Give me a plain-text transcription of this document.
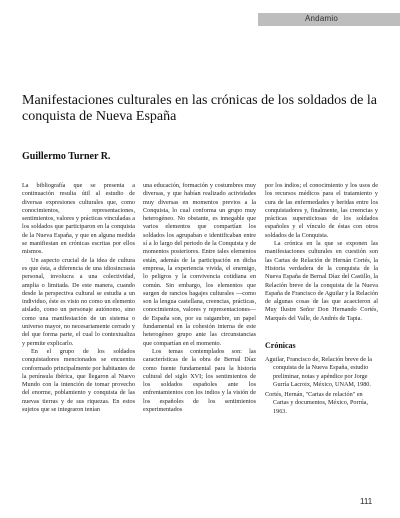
Andamio
Manifestaciones culturales en las crónicas de los soldados de la conquista de Nueva España

Guillermo Turner R.

La bibliografía que se presenta a continuación resulta útil al estudio de diversas expresiones culturales que, como conocimientos, representaciones, sentimientos, valores y prácticas vinculadas a los soldados que participaron en la conquista de la Nueva España, y que en alguna medida se manifiestan en crónicas escritas por ellos mismos.

Un aspecto crucial de la idea de cultura es que ésta, a diferencia de una idiosincrasia personal, involucra a una colectividad, amplia o limitada. De este manera, cuando desde la perspectiva cultural se estudia a un individuo, éste es visto no como un elemento aislado, como un personaje autónomo, sino como una manifestación de un sistema o universo mayor, no necesariamente cerrado y del que forma parte, el cual lo contextualiza y permite explicarlo.

En el grupo de los soldados conquistadores mencionados se encuentra conformado principalmente por habitantes de la península ibérica, que llegaron al Nuevo Mundo con la intención de tomar provecho del enorme, poblamiento y conquista de las nuevas tierras y de sus riquezas. En estos sujetos que se integraron tenían

una educación, formación y costumbres muy diversas, y que habían realizado actividades muy diversas en momentos previos a la Conquista, lo cual conforma un grupo muy heterogéneo. No obstante, es innegable que varios elementos que compartían los soldados los agrupaban e identificaban entre sí a lo largo del periodo de la Conquista y de momentos posteriores. Entre tales elementos están, además de la participación en dicha empresa, la experiencia vivida, el enemigo, lo peligros y la convivencia cotidiana en común. Sin embargo, los elementos que surgen de rancios bagajes culturales —como son la lengua castellana, creencias, prácticas, conocimientos, valores y representaciones— de España son, por su raigambre, un papel fundamental en la cohesión interna de este heterogéneo grupo ante las circunstancias que compartían en el momento.

Los temas contemplados son: las características de la obra de Bernal Díaz como fuente fundamental para la historia cultural del siglo XVI; los sentimientos de los soldados españoles ante los enfrentamientos con los indios y la visión de los españoles de los sentimientos experimentados

por los indios; el conocimiento y los usos de los recursos médicos para el tratamiento y cura de las enfermedades y heridas entre los conquistadores y, finalmente, las creencias y prácticas supersticiosas de los soldados españoles y el vínculo de éstas con otros soldados de la Conquista.

La crónica en la que se exponen las manifestaciones culturales en cuestión son las Cartas de Relación de Hernán Cortés, la Historia verdadera de la conquista de la Nueva España de Bernal Díaz del Castillo, la Relación breve de la conquista de la Nueva España de Francisco de Aguilar y la Relación de algunas cosas de las que acaecieron al Muy Ilustre Señor Don Hernando Cortés, Marqués del Valle, de Andrés de Tapia.

Crónicas

Aguilar, Francisco de, Relación breve de la conquista de la Nueva España, estudio preliminar, notas y apéndice por Jorge Gurría Lacroix, México, UNAM, 1980.

Cortés, Hernán, "Cartas de relación" en Cartas y documentos, México, Porrúa, 1963.

111
